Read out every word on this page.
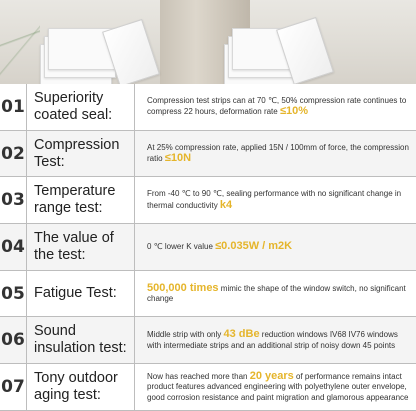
01 Superiority coated seal:
Compression test strips can at 70 ℃, 50% compression rate continues to compress 22 hours, deformation rate ≤10%
02 Compression Test:
At 25% compression rate, applied 15N / 100mm of force, the compression ratio ≤10N
03 Temperature range test:
From -40 ℃ to 90 ℃, sealing performance with no significant change in thermal conductivity k4
04 The value of the test:
0 ℃ lower K value ≤0.035W / m2K
05 Fatigue Test:	500,000 times mimic the shape of the window switch, no significant change
06 Sound insulation test:
Middle strip with only 43 dBe reduction windows IV68 IV76 windows with intermediate strips and an additional strip of noisy down 45 points
07 Tony outdoor aging test:
Now has reached more than 20 years of performance remains intact product features advanced engineering with polyethylene outer envelope, good corrosion resistance and paint migration and glamorous appearance
